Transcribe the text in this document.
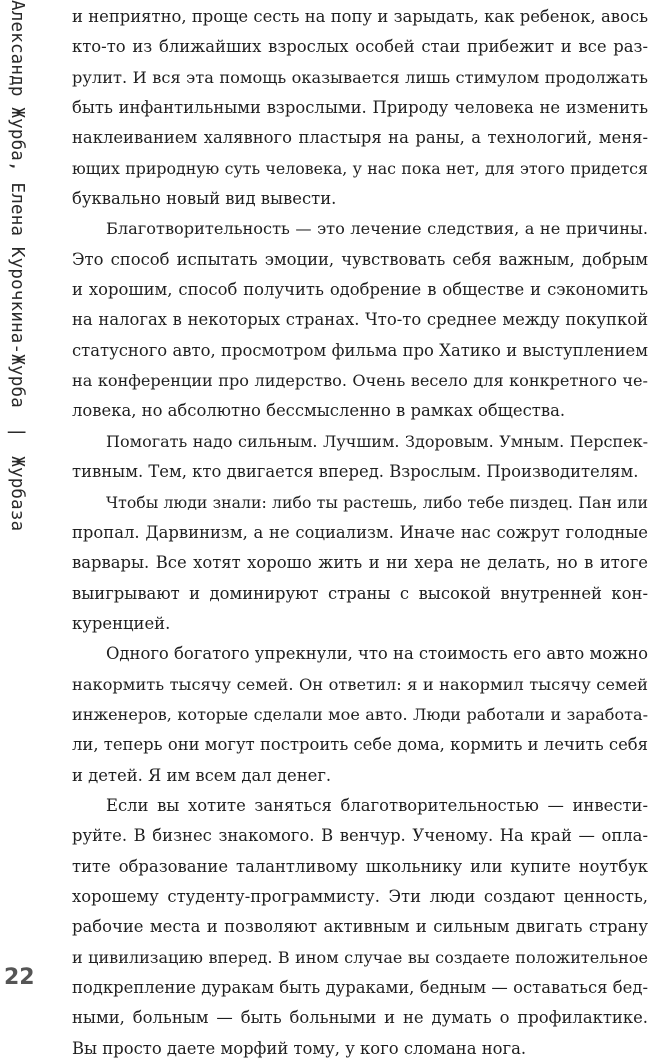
Александр Журба, Елена Курочкина-Журба | Журбаза
и неприятно, проще сесть на попу и зарыдать, как ребенок, авось
кто-то из ближайших взрослых особей стаи прибежит и все раз-
рулит. И вся эта помощь оказывается лишь стимулом продолжать
быть инфантильными взрослыми. Природу человека не изменить
наклеиванием халявного пластыря на раны, а технологий, меня-
ющих природную суть человека, у нас пока нет, для этого придется
буквально новый вид вывести.
Благотворительность — это лечение следствия, а не причины.
Это способ испытать эмоции, чувствовать себя важным, добрым
и хорошим, способ получить одобрение в обществе и сэкономить
на налогах в некоторых странах. Что-то среднее между покупкой
статусного авто, просмотром фильма про Хатико и выступлением
на конференции про лидерство. Очень весело для конкретного че-
ловека, но абсолютно бессмысленно в рамках общества.
Помогать надо сильным. Лучшим. Здоровым. Умным. Перспек-
тивным. Тем, кто двигается вперед. Взрослым. Производителям.
Чтобы люди знали: либо ты растешь, либо тебе пиздец. Пан или
пропал. Дарвинизм, а не социализм. Иначе нас сожрут голодные
варвары. Все хотят хорошо жить и ни хера не делать, но в итоге
выигрывают и доминируют страны с высокой внутренней кон-
куренцией.
Одного богатого упрекнули, что на стоимость его авто можно
накормить тысячу семей. Он ответил: я и накормил тысячу семей
инженеров, которые сделали мое авто. Люди работали и заработа-
ли, теперь они могут построить себе дома, кормить и лечить себя
и детей. Я им всем дал денег.
Если вы хотите заняться благотворительностью — инвести-
руйте. В бизнес знакомого. В венчур. Ученому. На край — опла-
тите образование талантливому школьнику или купите ноутбук
хорошему студенту-программисту. Эти люди создают ценность,
рабочие места и позволяют активным и сильным двигать страну
и цивилизацию вперед. В ином случае вы создаете положительное
подкрепление дуракам быть дураками, бедным — оставаться бед-
ными, больным — быть больными и не думать о профилактике.
Вы просто даете морфий тому, у кого сломана нога.
22
